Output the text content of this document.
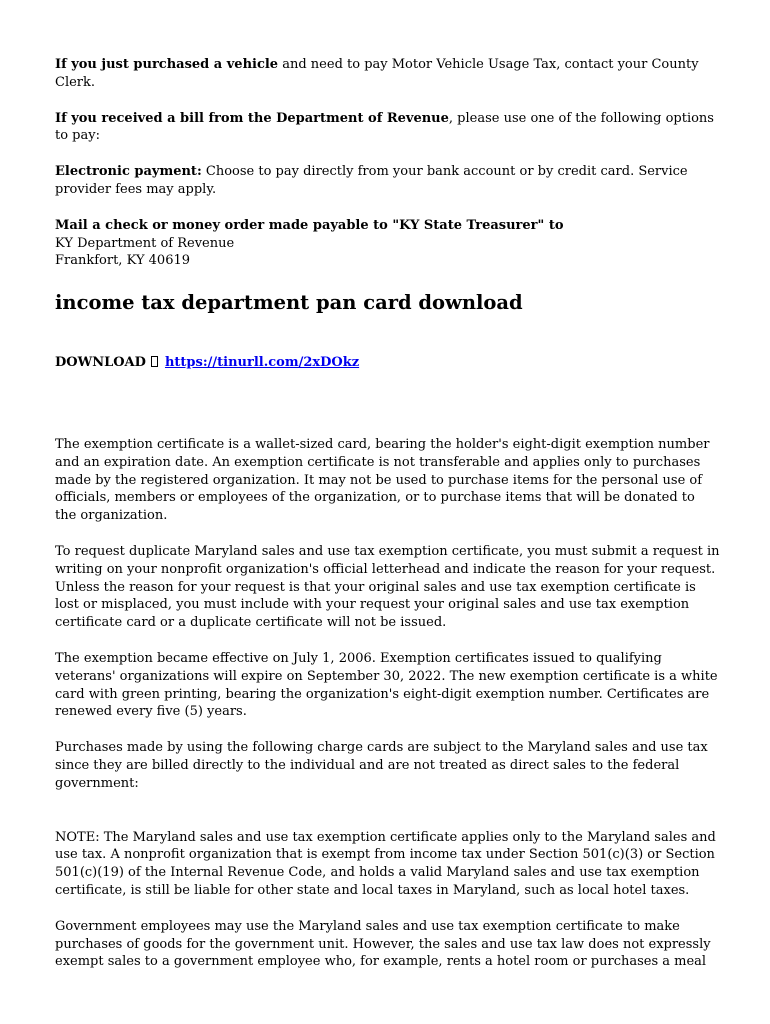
If you just purchased a vehicle and need to pay Motor Vehicle Usage Tax, contact your County Clerk.

If you received a bill from the Department of Revenue, please use one of the following options to pay:

Electronic payment: Choose to pay directly from your bank account or by credit card. Service provider fees may apply.

Mail a check or money order made payable to "KY State Treasurer" to
KY Department of Revenue
Frankfort, KY 40619

income tax department pan card download

DOWNLOAD https://tinurll.com/2xDOkz

The exemption certificate is a wallet-sized card, bearing the holder's eight-digit exemption number and an expiration date. An exemption certificate is not transferable and applies only to purchases made by the registered organization. It may not be used to purchase items for the personal use of officials, members or employees of the organization, or to purchase items that will be donated to the organization.

To request duplicate Maryland sales and use tax exemption certificate, you must submit a request in writing on your nonprofit organization's official letterhead and indicate the reason for your request. Unless the reason for your request is that your original sales and use tax exemption certificate is lost or misplaced, you must include with your request your original sales and use tax exemption certificate card or a duplicate certificate will not be issued.

The exemption became effective on July 1, 2006. Exemption certificates issued to qualifying veterans' organizations will expire on September 30, 2022. The new exemption certificate is a white card with green printing, bearing the organization's eight-digit exemption number. Certificates are renewed every five (5) years.

Purchases made by using the following charge cards are subject to the Maryland sales and use tax since they are billed directly to the individual and are not treated as direct sales to the federal government:

NOTE: The Maryland sales and use tax exemption certificate applies only to the Maryland sales and use tax. A nonprofit organization that is exempt from income tax under Section 501(c)(3) or Section 501(c)(19) of the Internal Revenue Code, and holds a valid Maryland sales and use tax exemption certificate, is still be liable for other state and local taxes in Maryland, such as local hotel taxes.

Government employees may use the Maryland sales and use tax exemption certificate to make purchases of goods for the government unit. However, the sales and use tax law does not expressly exempt sales to a government employee who, for example, rents a hotel room or purchases a meal
